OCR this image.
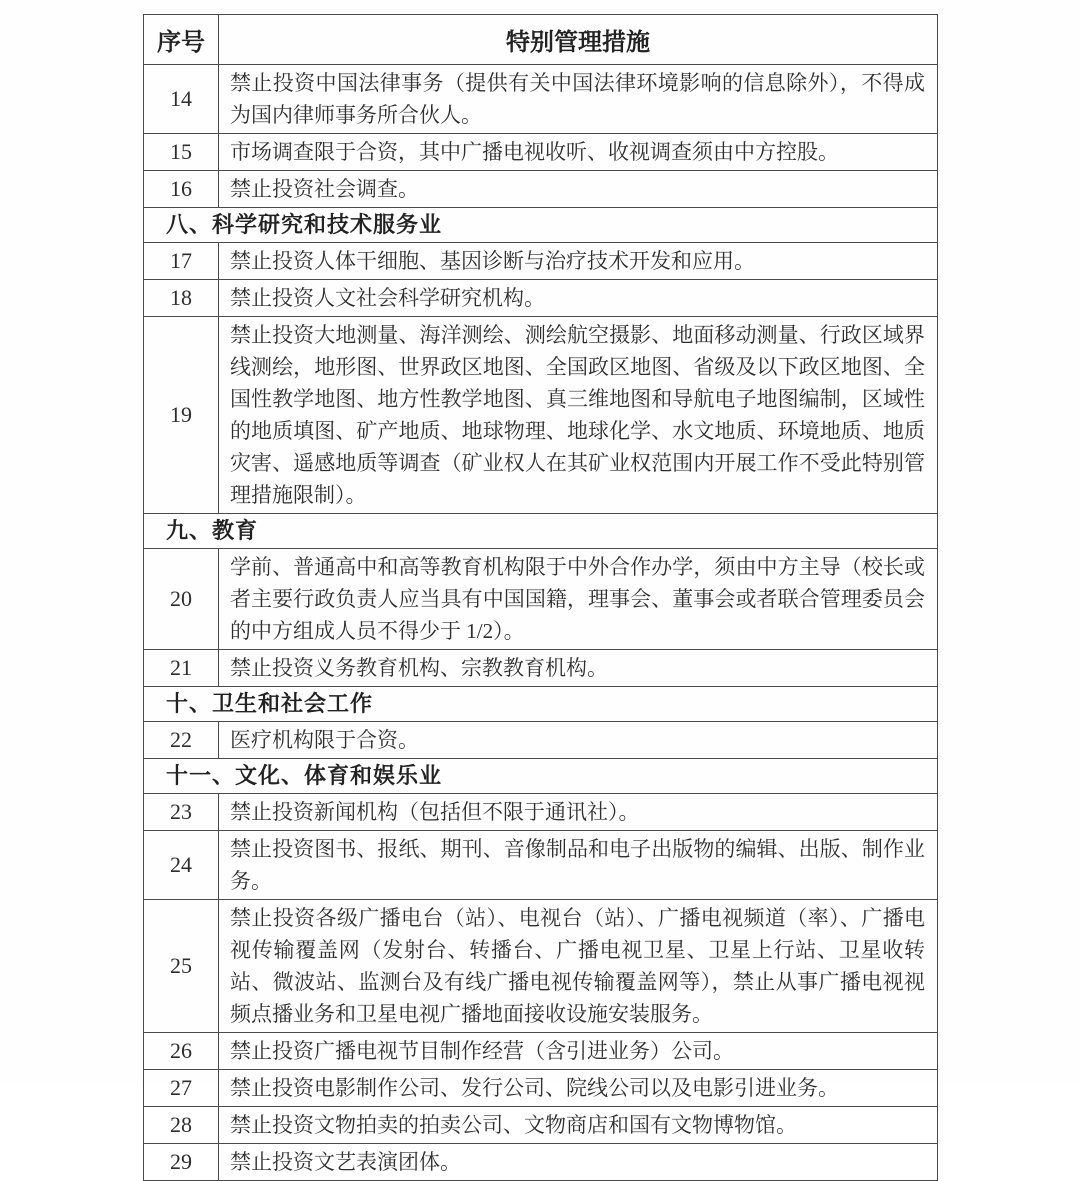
序号	特别管理措施
14	禁止投资中国法律事务（提供有关中国法律环境影响的信息除外），不得成为国内律师事务所合伙人。
15	市场调查限于合资，其中广播电视收听、收视调查须由中方控股。
16	禁止投资社会调查。
八、科学研究和技术服务业	
17	禁止投资人体干细胞、基因诊断与治疗技术开发和应用。
18	禁止投资人文社会科学研究机构。
19	禁止投资大地测量、海洋测绘、测绘航空摄影、地面移动测量、行政区域界线测绘，地形图、世界政区地图、全国政区地图、省级及以下政区地图、全国性教学地图、地方性教学地图、真三维地图和导航电子地图编制，区域性的地质填图、矿产地质、地球物理、地球化学、水文地质、环境地质、地质灾害、遥感地质等调查（矿业权人在其矿业权范围内开展工作不受此特别管理措施限制）。
九、教育	
20	学前、普通高中和高等教育机构限于中外合作办学，须由中方主导（校长或者主要行政负责人应当具有中国国籍，理事会、董事会或者联合管理委员会的中方组成人员不得少于 1/2）。
21	禁止投资义务教育机构、宗教教育机构。
十、卫生和社会工作	
22	医疗机构限于合资。
十一、文化、体育和娱乐业	
23	禁止投资新闻机构（包括但不限于通讯社）。
24	禁止投资图书、报纸、期刊、音像制品和电子出版物的编辑、出版、制作业务。
25	禁止投资各级广播电台（站）、电视台（站）、广播电视频道（率）、广播电视传输覆盖网（发射台、转播台、广播电视卫星、卫星上行站、卫星收转站、微波站、监测台及有线广播电视传输覆盖网等），禁止从事广播电视视频点播业务和卫星电视广播地面接收设施安装服务。
26	禁止投资广播电视节目制作经营（含引进业务）公司。
27	禁止投资电影制作公司、发行公司、院线公司以及电影引进业务。
28	禁止投资文物拍卖的拍卖公司、文物商店和国有文物博物馆。
29	禁止投资文艺表演团体。
